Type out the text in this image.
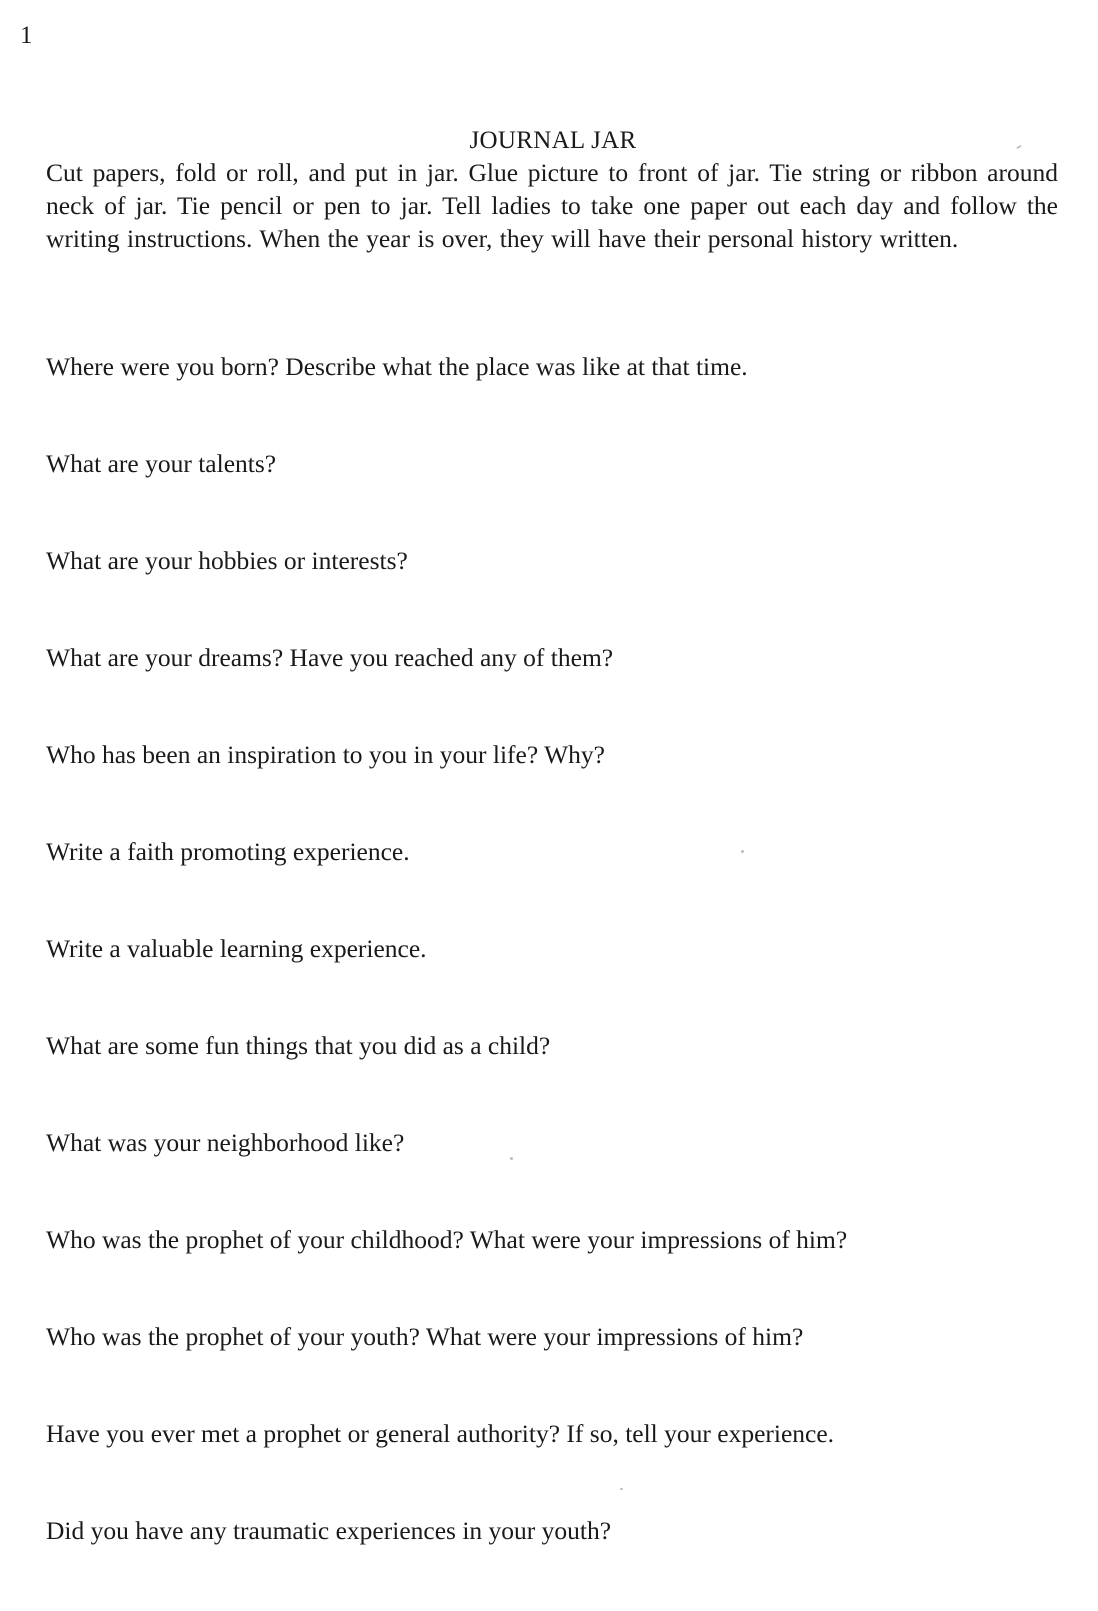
1
JOURNAL JAR

Cut papers, fold or roll, and put in jar. Glue picture to front of jar. Tie string or ribbon around neck of jar. Tie pencil or pen to jar. Tell ladies to take one paper out each day and follow the writing instructions. When the year is over, they will have their personal history written.

Where were you born? Describe what the place was like at that time.
What are your talents?
What are your hobbies or interests?
What are your dreams? Have you reached any of them?
Who has been an inspiration to you in your life? Why?
Write a faith promoting experience.
Write a valuable learning experience.
What are some fun things that you did as a child?
What was your neighborhood like?
Who was the prophet of your childhood? What were your impressions of him?
Who was the prophet of your youth? What were your impressions of him?
Have you ever met a prophet or general authority? If so, tell your experience.
Did you have any traumatic experiences in your youth?
